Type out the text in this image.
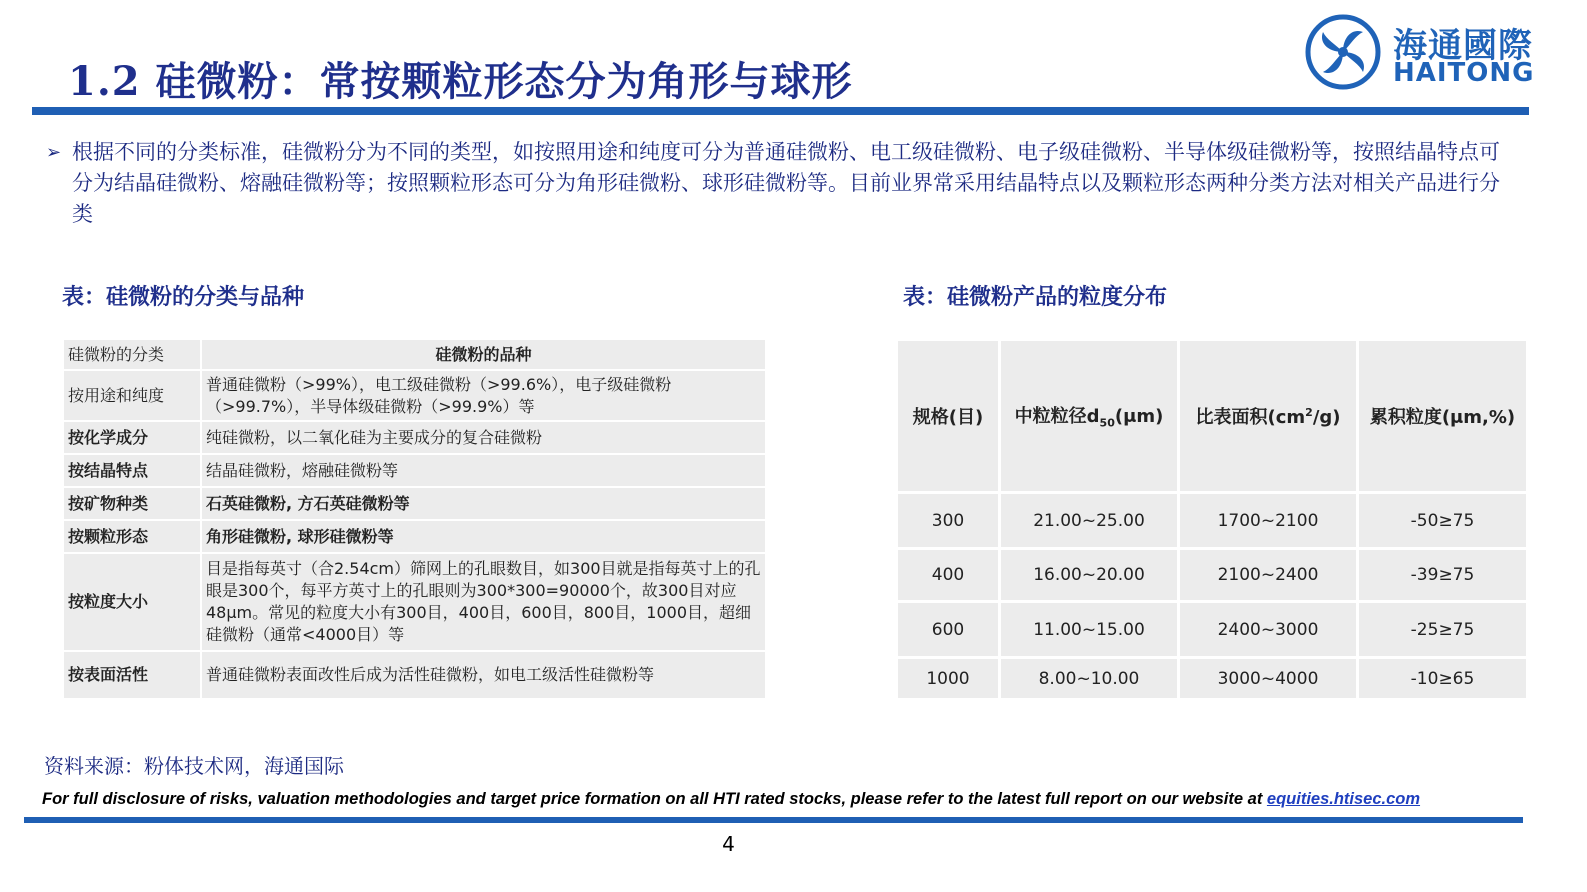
1.2 硅微粉：常按颗粒形态分为角形与球形
海通國際
HAITONG
➢ 根据不同的分类标准，硅微粉分为不同的类型，如按照用途和纯度可分为普通硅微粉、电工级硅微粉、电子级硅微粉、半导体级硅微粉等，按照结晶特点可分为结晶硅微粉、熔融硅微粉等；按照颗粒形态可分为角形硅微粉、球形硅微粉等。目前业界常采用结晶特点以及颗粒形态两种分类方法对相关产品进行分类
表：硅微粉的分类与品种	表：硅微粉产品的粒度分布
硅微粉的分类	硅微粉的品种
按用途和纯度	普通硅微粉（>99%），电工级硅微粉（>99.6%），电子级硅微粉（>99.7%），半导体级硅微粉（>99.9%）等
按化学成分	纯硅微粉，以二氧化硅为主要成分的复合硅微粉
按结晶特点	结晶硅微粉，熔融硅微粉等
按矿物种类	石英硅微粉, 方石英硅微粉等
按颗粒形态	角形硅微粉, 球形硅微粉等
按粒度大小	目是指每英寸（合2.54cm）筛网上的孔眼数目，如300目就是指每英寸上的孔眼是300个，每平方英寸上的孔眼则为300*300=90000个，故300目对应48μm。常见的粒度大小有300目，400目，600目，800目，1000目，超细硅微粉（通常<4000目）等
按表面活性	普通硅微粉表面改性后成为活性硅微粉，如电工级活性硅微粉等
规格(目)	中粒粒径$d_{50}(\mu m)$	比表面积$(cm^2/g)$	累积粒度(μm,%)
300	21.00~25.00	1700~2100	-50≥75
400	16.00~20.00	2100~2400	-39≥75
600	11.00~15.00	2400~3000	-25≥75
1000	8.00~10.00	3000~4000	-10≥65
资料来源：粉体技术网，海通国际
For full disclosure of risks, valuation methodologies and target price formation on all HTI rated stocks, please refer to the latest full report on our website at equities.htisec.com
4
